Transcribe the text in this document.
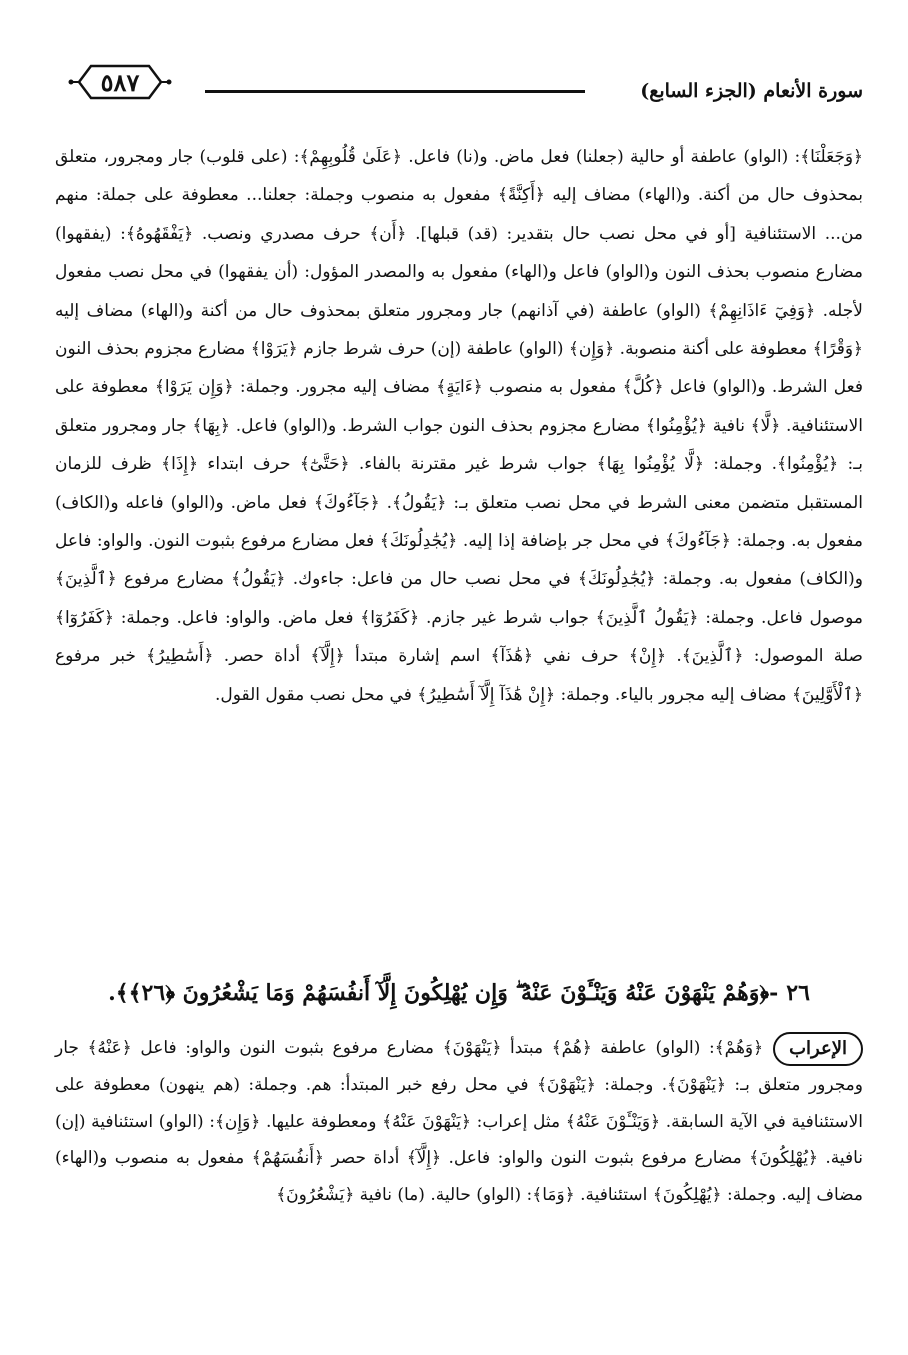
٥٨٧	سورة الأنعام (الجزء السابع)

﴿وَجَعَلْنَا﴾: (الواو) عاطفة أو حالية (جعلنا) فعل ماض. و(نا) فاعل. ﴿عَلَىٰ قُلُوبِهِمْ﴾: (على قلوب) جار ومجرور، متعلق بمحذوف حال من أكنة. و(الهاء) مضاف إليه ﴿أَكِنَّةً﴾ مفعول به منصوب وجملة: جعلنا... معطوفة على جملة: منهم من... الاستئنافية [أو في محل نصب حال بتقدير: (قد) قبلها]. ﴿أَن﴾ حرف مصدري ونصب. ﴿يَفْقَهُوهُ﴾: (يفقهوا) مضارع منصوب بحذف النون و(الواو) فاعل و(الهاء) مفعول به والمصدر المؤول: (أن يفقهوا) في محل نصب مفعول لأجله. ﴿وَفِيٓ ءَاذَانِهِمْ﴾ (الواو) عاطفة (في آذانهم) جار ومجرور متعلق بمحذوف حال من أكنة و(الهاء) مضاف إليه ﴿وَقْرًا﴾ معطوفة على أكنة منصوبة. ﴿وَإِن﴾ (الواو) عاطفة (إن) حرف شرط جازم ﴿يَرَوْا﴾ مضارع مجزوم بحذف النون فعل الشرط. و(الواو) فاعل ﴿كُلَّ﴾ مفعول به منصوب ﴿ءَايَةٍ﴾ مضاف إليه مجرور. وجملة: ﴿وَإِن يَرَوْا﴾ معطوفة على الاستئنافية. ﴿لَّا﴾ نافية ﴿يُؤْمِنُوا﴾ مضارع مجزوم بحذف النون جواب الشرط. و(الواو) فاعل. ﴿بِهَا﴾ جار ومجرور متعلق بـ: ﴿يُؤْمِنُوا﴾. وجملة: ﴿لَّا يُؤْمِنُوا بِهَا﴾ جواب شرط غير مقترنة بالفاء. ﴿حَتَّىٰٓ﴾ حرف ابتداء ﴿إِذَا﴾ ظرف للزمان المستقبل متضمن معنى الشرط في محل نصب متعلق بـ: ﴿يَقُولُ﴾. ﴿جَآءُوكَ﴾ فعل ماض. و(الواو) فاعله و(الكاف) مفعول به. وجملة: ﴿جَآءُوكَ﴾ في محل جر بإضافة إذا إليه. ﴿يُجَٰدِلُونَكَ﴾ فعل مضارع مرفوع بثبوت النون. والواو: فاعل و(الكاف) مفعول به. وجملة: ﴿يُجَٰدِلُونَكَ﴾ في محل نصب حال من فاعل: جاءوك. ﴿يَقُولُ﴾ مضارع مرفوع ﴿ٱلَّذِينَ﴾ موصول فاعل. وجملة: ﴿يَقُولُ ٱلَّذِينَ﴾ جواب شرط غير جازم. ﴿كَفَرُوٓا﴾ فعل ماض. والواو: فاعل. وجملة: ﴿كَفَرُوٓا﴾ صلة الموصول: ﴿ٱلَّذِينَ﴾. ﴿إِنْ﴾ حرف نفي ﴿هَٰذَآ﴾ اسم إشارة مبتدأ ﴿إِلَّآ﴾ أداة حصر. ﴿أَسَٰطِيرُ﴾ خبر مرفوع ﴿ٱلْأَوَّلِينَ﴾ مضاف إليه مجرور بالياء. وجملة: ﴿إِنْ هَٰذَآ إِلَّآ أَسَٰطِيرُ﴾ في محل نصب مقول القول.

٢٦-﴿وَهُمْ يَنْهَوْنَ عَنْهُ وَيَنْـَٔوْنَ عَنْهُ ۖ وَإِن يُهْلِكُونَ إِلَّآ أَنفُسَهُمْ وَمَا يَشْعُرُونَ ﴿٢٦﴾﴾.
الإعراب
﴿وَهُمْ﴾: (الواو) عاطفة ﴿هُمْ﴾ مبتدأ ﴿يَنْهَوْنَ﴾ مضارع مرفوع بثبوت النون والواو: فاعل ﴿عَنْهُ﴾ جار ومجرور متعلق بـ: ﴿يَنْهَوْنَ﴾. وجملة: ﴿يَنْهَوْنَ﴾ في محل رفع خبر المبتدأ: هم. وجملة: (هم ينهون) معطوفة على الاستئنافية في الآية السابقة. ﴿وَيَنْـَٔوْنَ عَنْهُ﴾ مثل إعراب: ﴿يَنْهَوْنَ عَنْهُ﴾ ومعطوفة عليها. ﴿وَإِن﴾: (الواو) استئنافية (إن) نافية. ﴿يُهْلِكُونَ﴾ مضارع مرفوع بثبوت النون والواو: فاعل. ﴿إِلَّآ﴾ أداة حصر ﴿أَنفُسَهُمْ﴾ مفعول به منصوب و(الهاء) مضاف إليه. وجملة: ﴿يُهْلِكُونَ﴾ استئنافية. ﴿وَمَا﴾: (الواو) حالية. (ما) نافية ﴿يَشْعُرُونَ﴾
